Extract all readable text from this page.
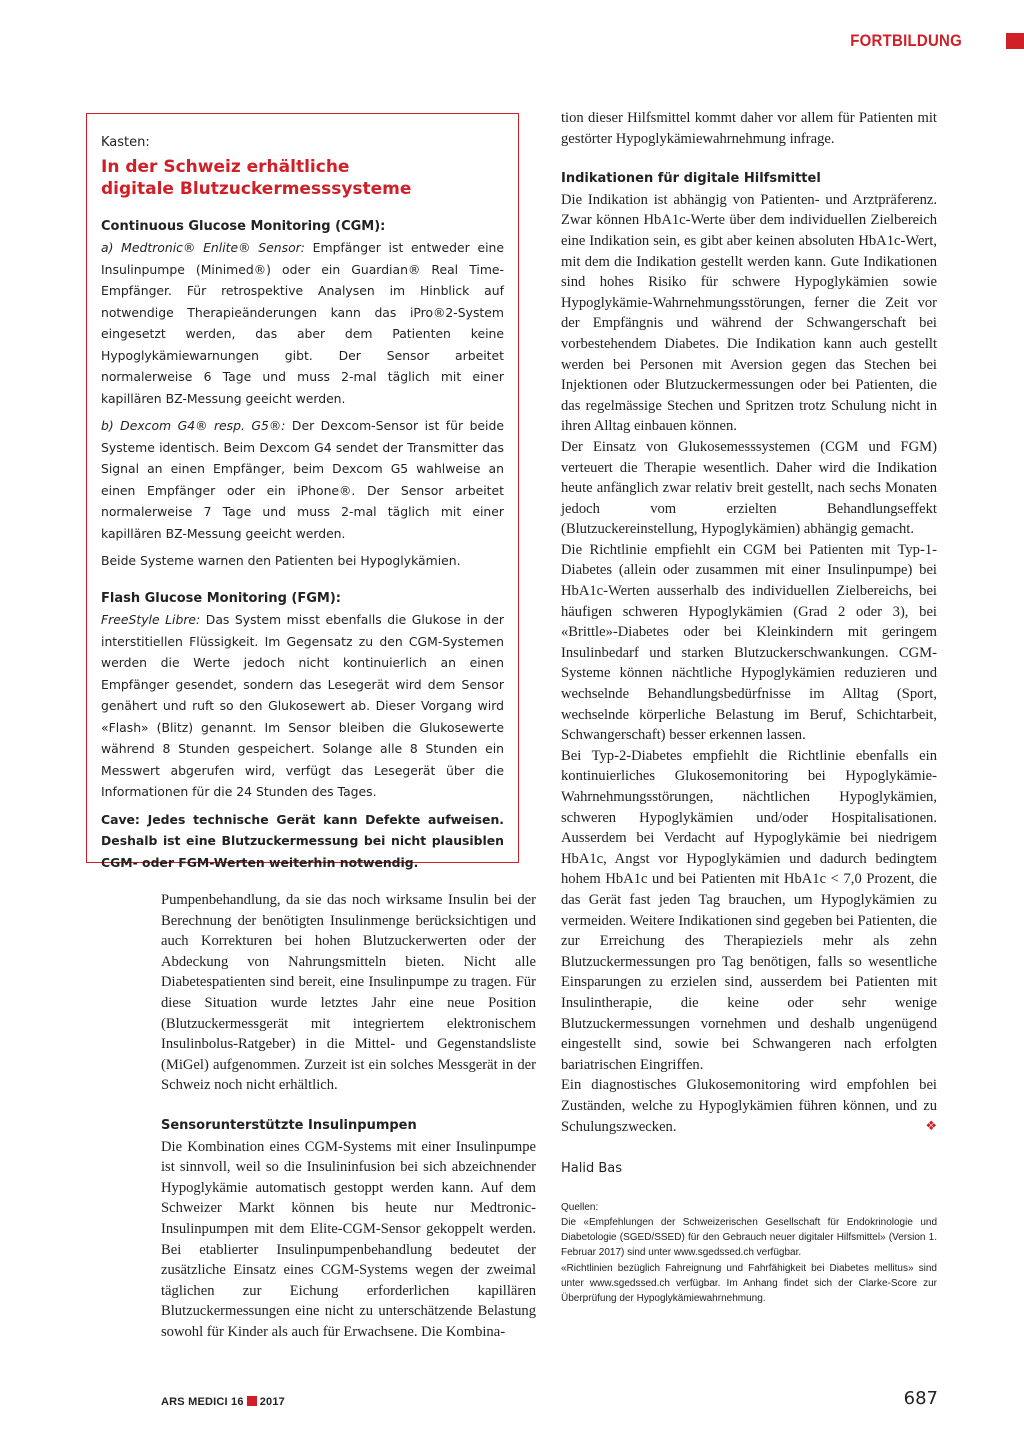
FORTBILDUNG
Kasten:
In der Schweiz erhältliche
digitale Blutzuckermesssysteme
Continuous Glucose Monitoring (CGM):

a) Medtronic® Enlite® Sensor: Empfänger ist entweder eine Insulinpumpe (Minimed®) oder ein Guardian® Real Time-Empfänger. Für retrospektive Analysen im Hinblick auf notwendige Therapieänderungen kann das iPro®2-System eingesetzt werden, das aber dem Patienten keine Hypoglykämiewarnungen gibt. Der Sensor arbeitet normalerweise 6 Tage und muss 2-mal täglich mit einer kapillären BZ-Messung geeicht werden.

b) Dexcom G4® resp. G5®: Der Dexcom-Sensor ist für beide Systeme identisch. Beim Dexcom G4 sendet der Transmitter das Signal an einen Empfänger, beim Dexcom G5 wahlweise an einen Empfänger oder ein iPhone®. Der Sensor arbeitet normalerweise 7 Tage und muss 2-mal täglich mit einer kapillären BZ-Messung geeicht werden.

Beide Systeme warnen den Patienten bei Hypoglykämien.

Flash Glucose Monitoring (FGM):

FreeStyle Libre: Das System misst ebenfalls die Glukose in der interstitiellen Flüssigkeit. Im Gegensatz zu den CGM-Systemen werden die Werte jedoch nicht kontinuierlich an einen Empfänger gesendet, sondern das Lesegerät wird dem Sensor genähert und ruft so den Glukosewert ab. Dieser Vorgang wird «Flash» (Blitz) genannt. Im Sensor bleiben die Glukosewerte während 8 Stunden gespeichert. Solange alle 8 Stunden ein Messwert abgerufen wird, verfügt das Lesegerät über die Informationen für die 24 Stunden des Tages.

Cave: Jedes technische Gerät kann Defekte aufweisen. Deshalb ist eine Blutzuckermessung bei nicht plausiblen CGM- oder FGM-Werten weiterhin notwendig.

Pumpenbehandlung, da sie das noch wirksame Insulin bei der Berechnung der benötigten Insulinmenge berücksichtigen und auch Korrekturen bei hohen Blutzuckerwerten oder der Abdeckung von Nahrungsmitteln bieten. Nicht alle Diabetespatienten sind bereit, eine Insulinpumpe zu tragen. Für diese Situation wurde letztes Jahr eine neue Position (Blutzuckermessgerät mit integriertem elektronischem Insulinbolus-Ratgeber) in die Mittel- und Gegenstandsliste (MiGel) aufgenommen. Zurzeit ist ein solches Messgerät in der Schweiz noch nicht erhältlich.

Sensorunterstützte Insulinpumpen

Die Kombination eines CGM-Systems mit einer Insulinpumpe ist sinnvoll, weil so die Insulininfusion bei sich abzeichnender Hypoglykämie automatisch gestoppt werden kann. Auf dem Schweizer Markt können bis heute nur Medtronic-Insulinpumpen mit dem Elite-CGM-Sensor gekoppelt werden. Bei etablierter Insulinpumpenbehandlung bedeutet der zusätzliche Einsatz eines CGM-Systems wegen der zweimal täglichen zur Eichung erforderlichen kapillären Blutzuckermessungen eine nicht zu unterschätzende Belastung sowohl für Kinder als auch für Erwachsene. Die Kombina-

tion dieser Hilfsmittel kommt daher vor allem für Patienten mit gestörter Hypoglykämiewahrnehmung infrage.

Indikationen für digitale Hilfsmittel

Die Indikation ist abhängig von Patienten- und Arztpräferenz. Zwar können HbA1c-Werte über dem individuellen Zielbereich eine Indikation sein, es gibt aber keinen absoluten HbA1c-Wert, mit dem die Indikation gestellt werden kann. Gute Indikationen sind hohes Risiko für schwere Hypoglykämien sowie Hypoglykämie-Wahrnehmungsstörungen, ferner die Zeit vor der Empfängnis und während der Schwangerschaft bei vorbestehendem Diabetes. Die Indikation kann auch gestellt werden bei Personen mit Aversion gegen das Stechen bei Injektionen oder Blutzuckermessungen oder bei Patienten, die das regelmässige Stechen und Spritzen trotz Schulung nicht in ihren Alltag einbauen können.

Der Einsatz von Glukosemesssystemen (CGM und FGM) verteuert die Therapie wesentlich. Daher wird die Indikation heute anfänglich zwar relativ breit gestellt, nach sechs Monaten jedoch vom erzielten Behandlungseffekt (Blutzuckereinstellung, Hypoglykämien) abhängig gemacht.

Die Richtlinie empfiehlt ein CGM bei Patienten mit Typ-1-Diabetes (allein oder zusammen mit einer Insulinpumpe) bei HbA1c-Werten ausserhalb des individuellen Zielbereichs, bei häufigen schweren Hypoglykämien (Grad 2 oder 3), bei «Brittle»-Diabetes oder bei Kleinkindern mit geringem Insulinbedarf und starken Blutzuckerschwankungen. CGM-Systeme können nächtliche Hypoglykämien reduzieren und wechselnde Behandlungsbedürfnisse im Alltag (Sport, wechselnde körperliche Belastung im Beruf, Schichtarbeit, Schwangerschaft) besser erkennen lassen.

Bei Typ-2-Diabetes empfiehlt die Richtlinie ebenfalls ein kontinuierliches Glukosemonitoring bei Hypoglykämie-Wahrnehmungsstörungen, nächtlichen Hypoglykämien, schweren Hypoglykämien und/oder Hospitalisationen. Ausserdem bei Verdacht auf Hypoglykämie bei niedrigem HbA1c, Angst vor Hypoglykämien und dadurch bedingtem hohem HbA1c und bei Patienten mit HbA1c < 7,0 Prozent, die das Gerät fast jeden Tag brauchen, um Hypoglykämien zu vermeiden. Weitere Indikationen sind gegeben bei Patienten, die zur Erreichung des Therapieziels mehr als zehn Blutzuckermessungen pro Tag benötigen, falls so wesentliche Einsparungen zu erzielen sind, ausserdem bei Patienten mit Insulintherapie, die keine oder sehr wenige Blutzuckermessungen vornehmen und deshalb ungenügend eingestellt sind, sowie bei Schwangeren nach erfolgten bariatrischen Eingriffen.

Ein diagnostisches Glukosemonitoring wird empfohlen bei Zuständen, welche zu Hypoglykämien führen können, und zu Schulungszwecken.	❖

Halid Bas

Quellen:

Die «Empfehlungen der Schweizerischen Gesellschaft für Endokrinologie und Diabetologie (SGED/SSED) für den Gebrauch neuer digitaler Hilfsmittel» (Version 1. Februar 2017) sind unter www.sgedssed.ch verfügbar.

«Richtlinien bezüglich Fahreignung und Fahrfähigkeit bei Diabetes mellitus» sind unter www.sgedssed.ch verfügbar. Im Anhang findet sich der Clarke-Score zur Überprüfung der Hypoglykämiewahrnehmung.

ARS MEDICI 16 2017	687
